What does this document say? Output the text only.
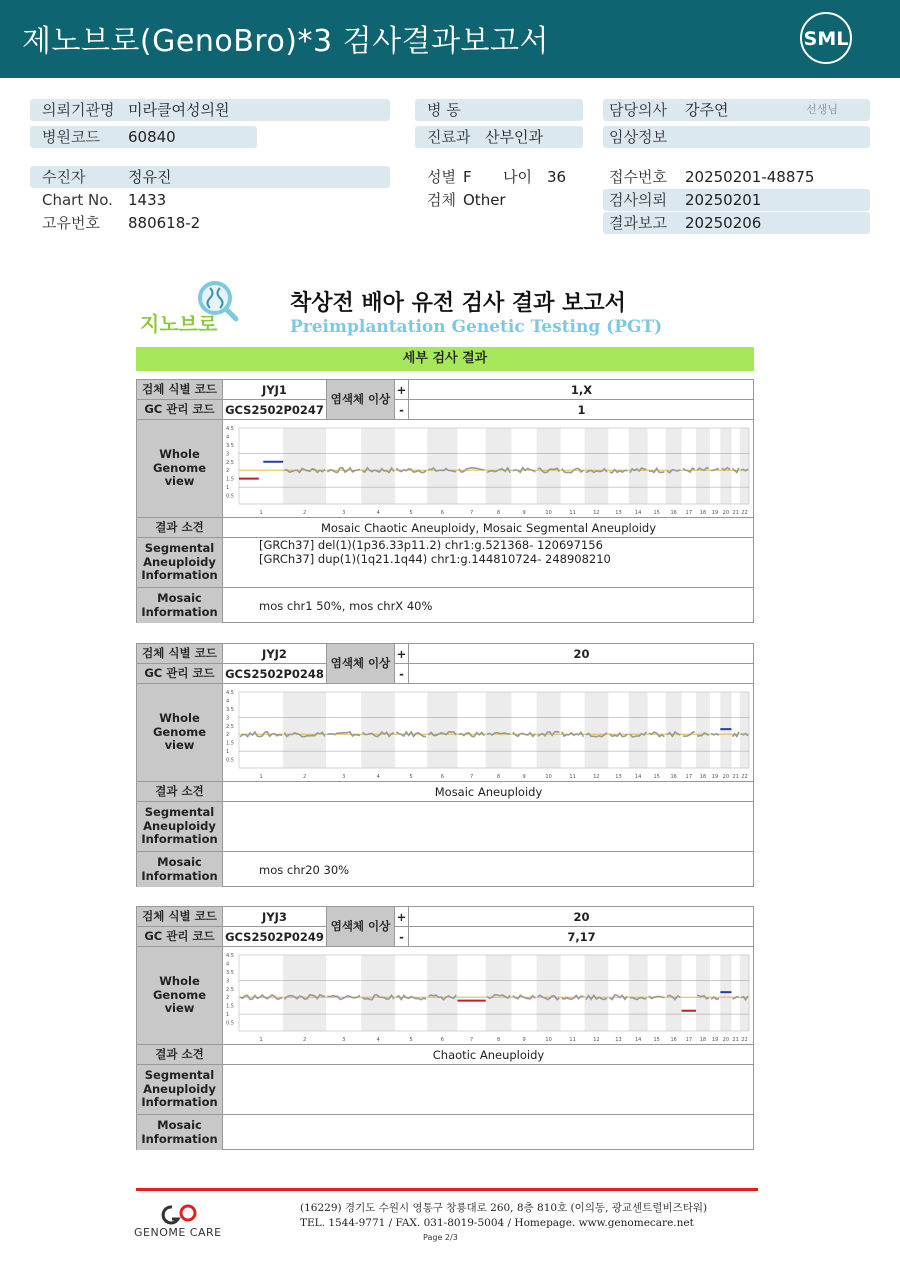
제노브로(GenoBro)*3 검사결과보고서	SML
의뢰기관명 미라클여성의원
병원코드 60840
병 동
진료과 산부인과
담당의사 강주연	선생님
임상정보
수진자	정유진
Chart No. 1433
고유번호 880618-2
성별 F 나이 36
검체 Other
접수번호 20250201-48875
검사의뢰 20250201
결과보고 20250206
지노브로
착상전 배아 유전 검사 결과 보고서
Preimplantation Genetic Testing (PGT)
세부 검사 결과
검체 식별 코드	JYJ1
염색체 이상
+	1,X
GC 관리 코드 GCS2502P0247	-	1
Whole Genome view
4.5
4
3.5
3
2.5
2
1.5
1
0.5
1	2	3	4	5	6	7	8	9	10	11	12	13	14 15 16 17 18 19 20 21 22
결과 소견	Mosaic Chaotic Aneuploidy, Mosaic Segmental Aneuploidy
Segmental Aneuploidy Information
[GRCh37] del(1)(1p36.33p11.2) chr1:g.521368- 120697156
[GRCh37] dup(1)(1q21.1q44) chr1:g.144810724- 248908210
Mosaic Information	mos chr1 50%, mos chrX 40%
검체 식별 코드	JYJ2
염색체 이상
+	20
GC 관리 코드 GCS2502P0248	-
Whole Genome view
4.5
4
3.5
3
2.5
2
1.5
1
0.5
1	2	3	4	5	6	7	8	9	10	11	12	13	14 15 16 17 18 19 20 21 22
결과 소견	Mosaic Aneuploidy
Segmental Aneuploidy Information
Mosaic Information	mos chr20 30%
검체 식별 코드	JYJ3
염색체 이상
+	20
GC 관리 코드 GCS2502P0249	-	7,17
Whole Genome view
4.5
4
3.5
3
2.5
2
1.5
1
0.5
1	2	3	4	5	6	7	8	9	10	11	12	13	14 15 16 17 18 19 20 21 22
결과 소견	Chaotic Aneuploidy
Segmental Aneuploidy Information
Mosaic Information
GENOME CARE
(16229) 경기도 수원시 영통구 창룡대로 260, 8층 810호 (이의동, 광교센트럴비즈타워)
TEL. 1544-9771 / FAX. 031-8019-5004 / Homepage. www.genomecare.net
Page 2/3
